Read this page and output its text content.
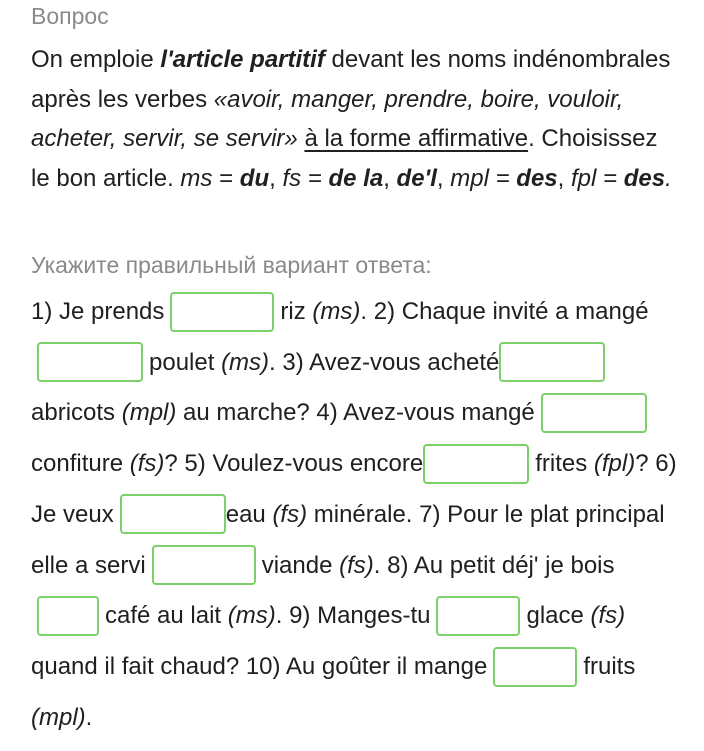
Вопрос

On emploie l'article partitif devant les noms indénombrales après les verbes «avoir, manger, prendre, boire, vouloir, acheter, servir, se servir» à la forme affirmative. Choisissez le bon article. ms = du, fs = de la, de'l, mpl = des, fpl = des.

Укажите правильный вариант ответа:

1) Je prends	riz (ms). 2) Chaque invité a mangépoulet (ms). 3) Avez-vous achetéabricots (mpl) au marche? 4) Avez-vous mangéconfiture (fs)? 5) Voulez-vous encore	frites (fpl)? 6) Je veux	eau (fs) minérale. 7) Pour le plat principal elle a servi	viande (fs). 8) Au petit déj' je boiscafé au lait (ms). 9) Manges-tu	glace (fs) quand il fait chaud? 10) Au goûter il mange	fruits (mpl).
